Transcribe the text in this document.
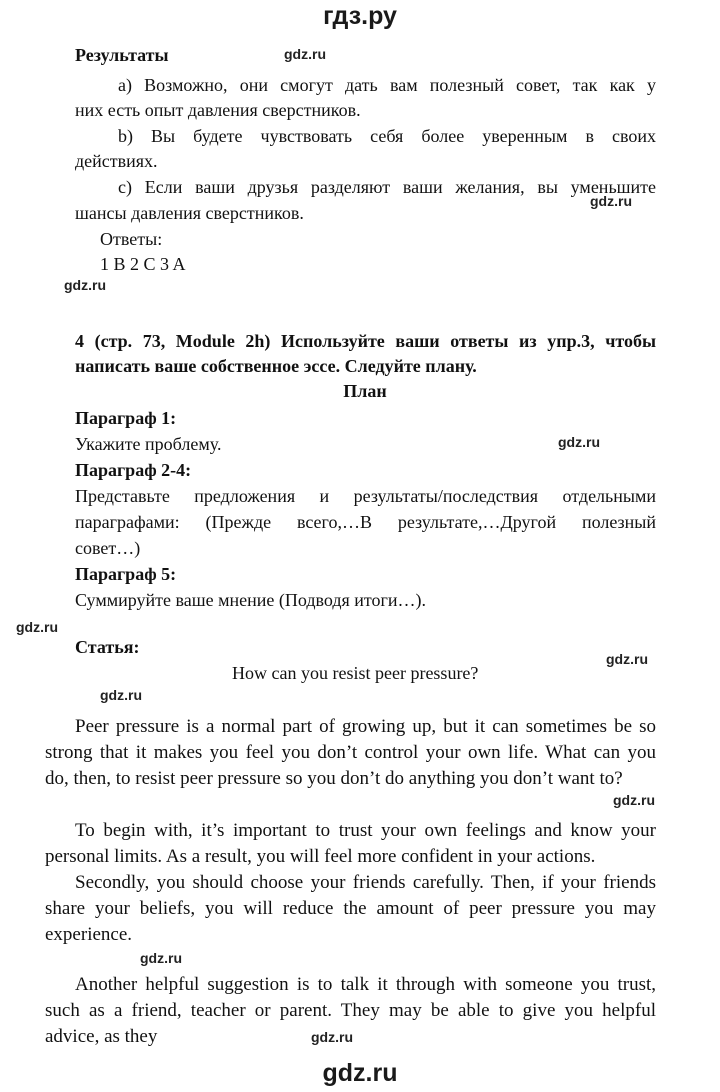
гдз.ру
gdz.ru
gdz.ru
gdz.ru
gdz.ru
gdz.ru
gdz.ru
gdz.ru
gdz.ru
gdz.ru
gdz.ru
gdz.ru
Результаты
a) Возможно, они смогут дать вам полезный совет, так как у
них есть опыт давления сверстников.
b) Вы будете чувствовать себя более уверенным в своих
действиях.
c) Если ваши друзья разделяют ваши желания, вы уменьшите
шансы давления сверстников.
Ответы:
1 B 2 C 3 A
4 (стр. 73, Module 2h) Используйте ваши ответы из упр.3, чтобы
написать ваше собственное эссе. Следуйте плану.
План
Параграф 1:
Укажите проблему.
Параграф 2-4:
Представьте предложения и результаты/последствия отдельными
параграфами: (Прежде всего,…В результате,…Другой полезный
совет…)
Параграф 5:
Суммируйте ваше мнение (Подводя итоги…).
Статья:
How can you resist peer pressure?
Peer pressure is a normal part of growing up, but it can sometimes be so
strong that it makes you feel you don’t control your own life. What can you
do, then, to resist peer pressure so you don’t do anything you don’t want to?
To begin with, it’s important to trust your own feelings and know your
personal limits. As a result, you will feel more confident in your actions.
Secondly, you should choose your friends carefully. Then, if your friends
share your beliefs, you will reduce the amount of peer pressure you may
experience.
Another helpful suggestion is to talk it through with someone you trust,
such as a friend, teacher or parent. They may be able to give you helpful
advice, as they
